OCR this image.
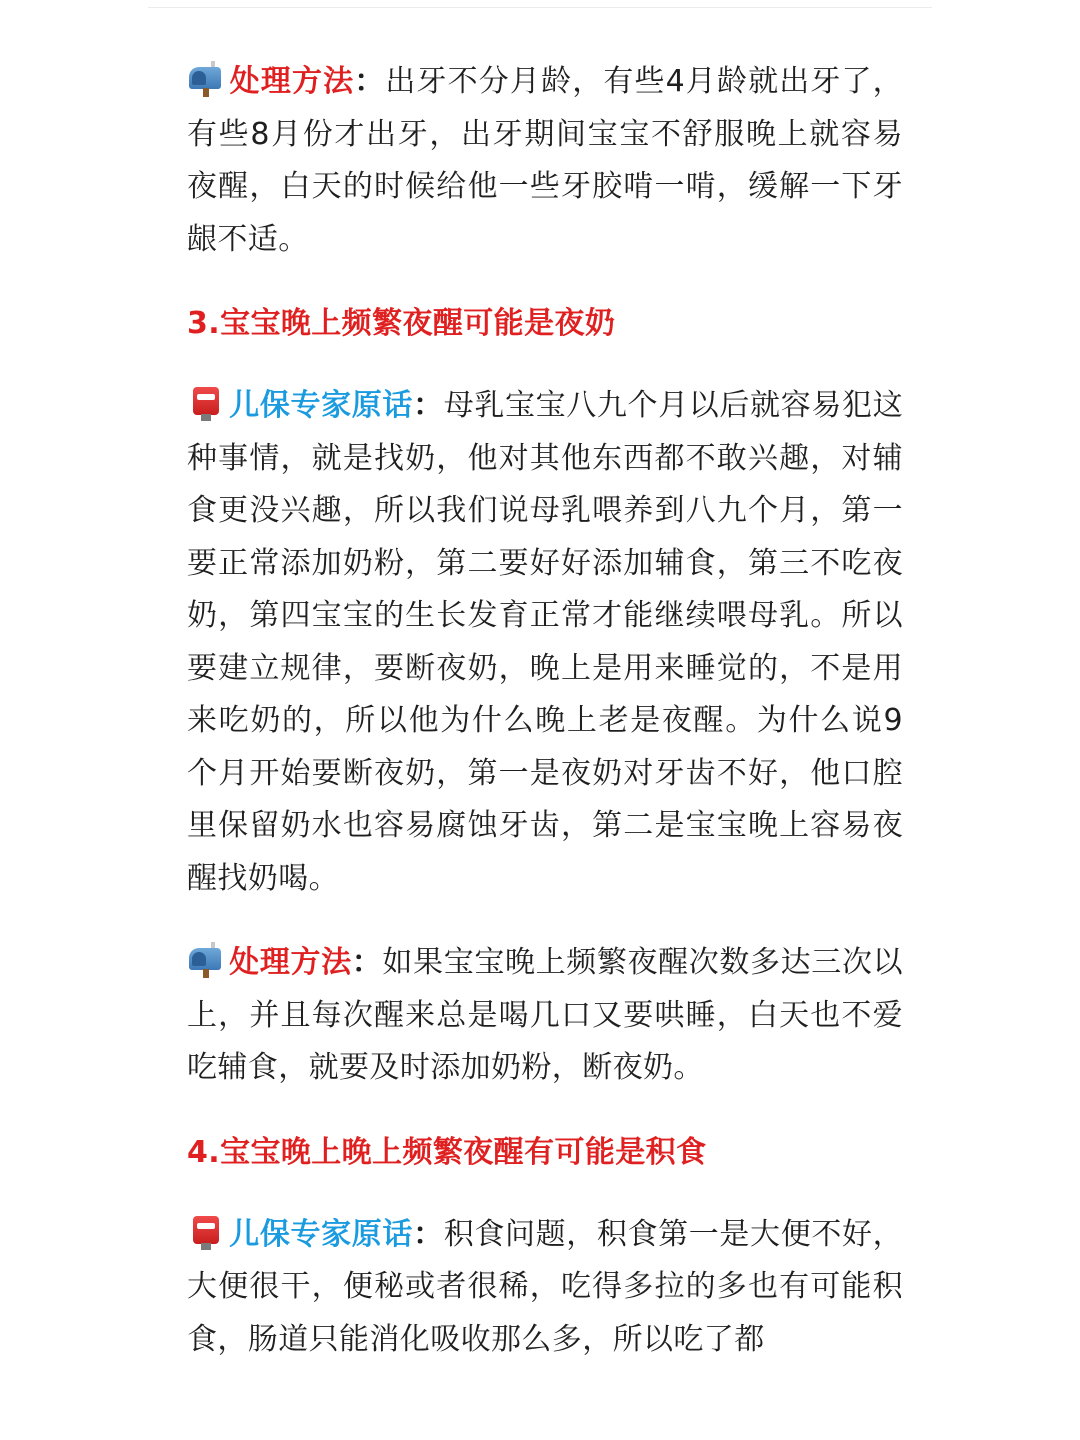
处理方法：出牙不分月龄，有些4月龄就出牙了，有些8月份才出牙，出牙期间宝宝不舒服晚上就容易夜醒，白天的时候给他一些牙胶啃一啃，缓解一下牙龈不适。

3.宝宝晚上频繁夜醒可能是夜奶

儿保专家原话：母乳宝宝八九个月以后就容易犯这种事情，就是找奶，他对其他东西都不敢兴趣，对辅食更没兴趣，所以我们说母乳喂养到八九个月，第一要正常添加奶粉，第二要好好添加辅食，第三不吃夜奶，第四宝宝的生长发育正常才能继续喂母乳。所以要建立规律，要断夜奶，晚上是用来睡觉的，不是用来吃奶的，所以他为什么晚上老是夜醒。为什么说9个月开始要断夜奶，第一是夜奶对牙齿不好，他口腔里保留奶水也容易腐蚀牙齿，第二是宝宝晚上容易夜醒找奶喝。

处理方法：如果宝宝晚上频繁夜醒次数多达三次以上，并且每次醒来总是喝几口又要哄睡，白天也不爱吃辅食，就要及时添加奶粉，断夜奶。

4.宝宝晚上晚上频繁夜醒有可能是积食

儿保专家原话：积食问题，积食第一是大便不好，大便很干，便秘或者很稀，吃得多拉的多也有可能积食，肠道只能消化吸收那么多，所以吃了都
